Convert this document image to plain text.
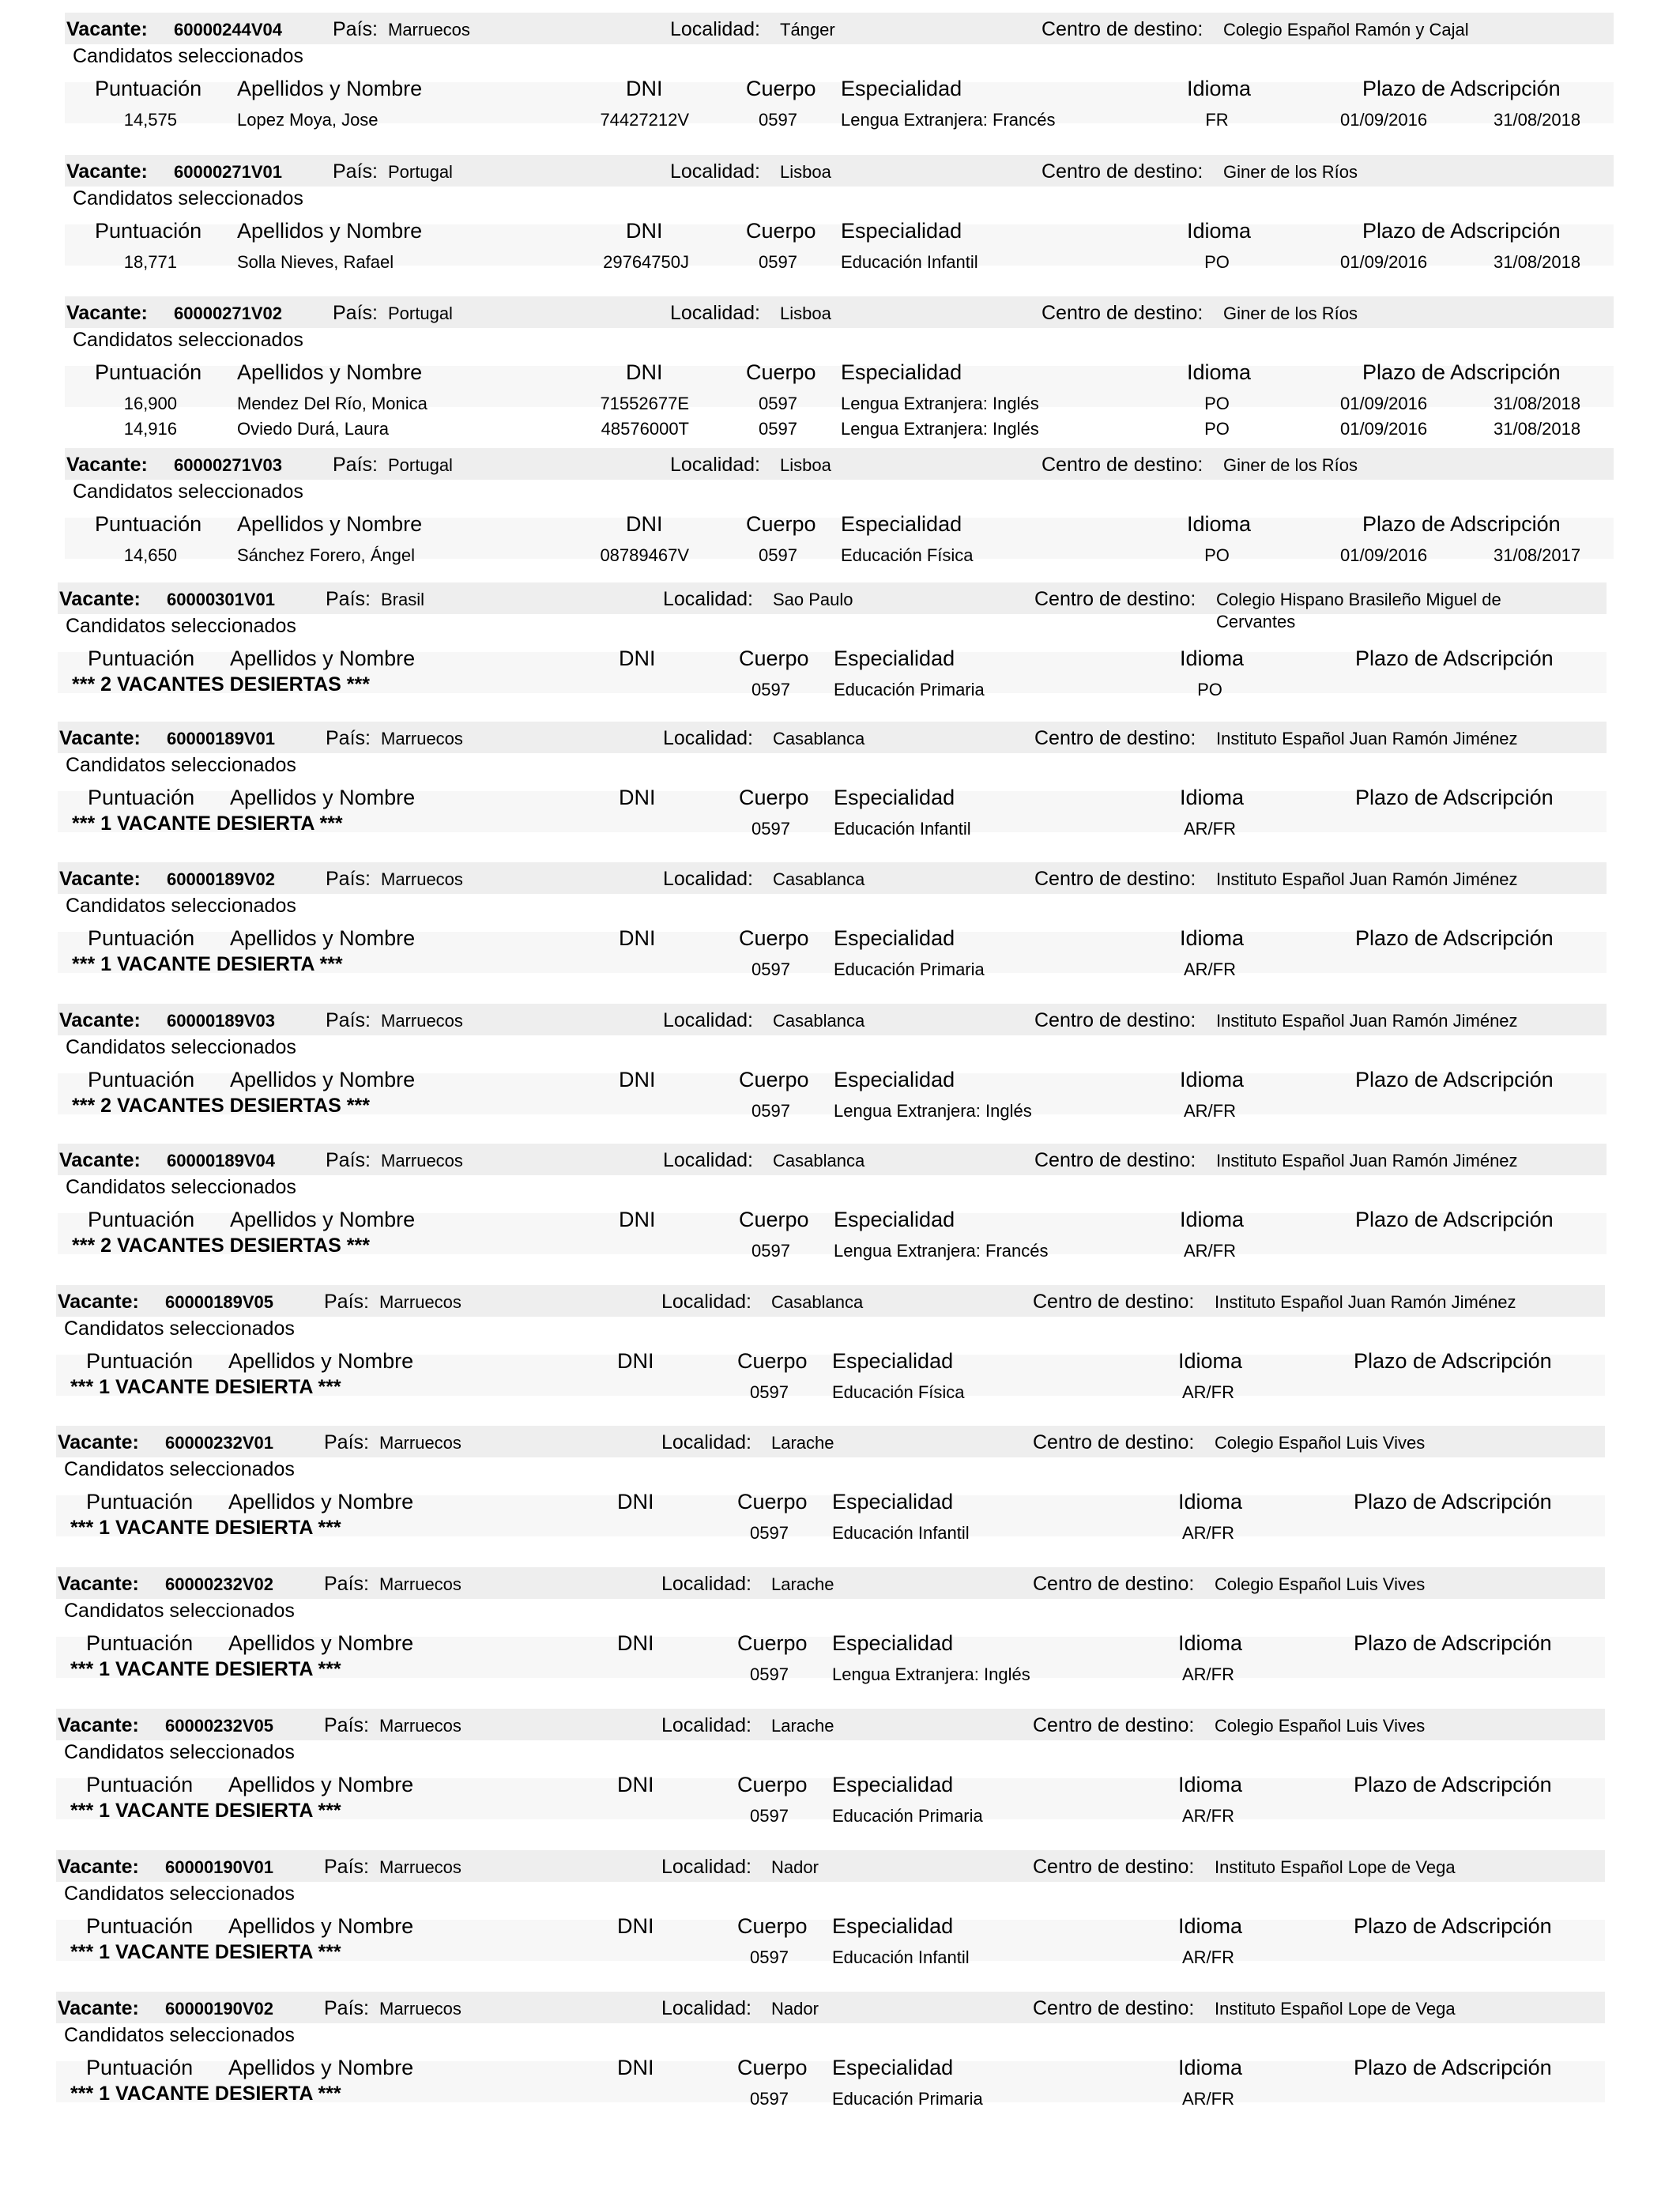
Vacante: 60000244V04	País: Marruecos	Localidad: Tánger	Centro de destino: Colegio Español Ramón y Cajal
Candidatos seleccionados
Puntuación Apellidos y Nombre	DNI	Cuerpo Especialidad	Idioma	Plazo de Adscripción
14,575	Lopez Moya, Jose	74427212V	0597	Lengua Extranjera: Francés	FR	01/09/2016	31/08/2018
Vacante: 60000271V01	País: Portugal	Localidad: Lisboa	Centro de destino: Giner de los Ríos
Candidatos seleccionados
Puntuación Apellidos y Nombre	DNI	Cuerpo Especialidad	Idioma	Plazo de Adscripción
18,771	Solla Nieves, Rafael	29764750J	0597	Educación Infantil	PO	01/09/2016	31/08/2018
Vacante: 60000271V02	País: Portugal	Localidad: Lisboa	Centro de destino: Giner de los Ríos
Candidatos seleccionados
Puntuación Apellidos y Nombre	DNI	Cuerpo Especialidad	Idioma	Plazo de Adscripción
16,900	Mendez Del Río, Monica	71552677E	0597	Lengua Extranjera: Inglés	PO	01/09/2016	31/08/2018
14,916	Oviedo Durá, Laura	48576000T	0597	Lengua Extranjera: Inglés	PO	01/09/2016	31/08/2018
Vacante: 60000271V03	País: Portugal	Localidad: Lisboa	Centro de destino: Giner de los Ríos
Candidatos seleccionados
Puntuación Apellidos y Nombre	DNI	Cuerpo Especialidad	Idioma	Plazo de Adscripción
14,650	Sánchez Forero, Ángel	08789467V	0597	Educación Física	PO	01/09/2016	31/08/2017
Vacante: 60000301V01	País: Brasil	Localidad: Sao Paulo	Centro de destino: Colegio Hispano Brasileño Miguel de Cervantes
Candidatos seleccionados
Puntuación Apellidos y Nombre	DNI	Cuerpo Especialidad	Idioma	Plazo de Adscripción
*** 2 VACANTES DESIERTAS ***	0597	Educación Primaria	PO
Vacante: 60000189V01	País: Marruecos	Localidad: Casablanca	Centro de destino: Instituto Español Juan Ramón Jiménez
Candidatos seleccionados
Puntuación Apellidos y Nombre	DNI	Cuerpo Especialidad	Idioma	Plazo de Adscripción
*** 1 VACANTE DESIERTA ***	0597	Educación Infantil	AR/FR
Vacante: 60000189V02	País: Marruecos	Localidad: Casablanca	Centro de destino: Instituto Español Juan Ramón Jiménez
Candidatos seleccionados
Puntuación Apellidos y Nombre	DNI	Cuerpo Especialidad	Idioma	Plazo de Adscripción
*** 1 VACANTE DESIERTA ***	0597	Educación Primaria	AR/FR
Vacante: 60000189V03	País: Marruecos	Localidad: Casablanca	Centro de destino: Instituto Español Juan Ramón Jiménez
Candidatos seleccionados
Puntuación Apellidos y Nombre	DNI	Cuerpo Especialidad	Idioma	Plazo de Adscripción
*** 2 VACANTES DESIERTAS ***	0597	Lengua Extranjera: Inglés	AR/FR
Vacante: 60000189V04	País: Marruecos	Localidad: Casablanca	Centro de destino: Instituto Español Juan Ramón Jiménez
Candidatos seleccionados
Puntuación Apellidos y Nombre	DNI	Cuerpo Especialidad	Idioma	Plazo de Adscripción
*** 2 VACANTES DESIERTAS ***	0597	Lengua Extranjera: Francés	AR/FR
Vacante: 60000189V05	País: Marruecos	Localidad: Casablanca	Centro de destino: Instituto Español Juan Ramón Jiménez
Candidatos seleccionados
Puntuación Apellidos y Nombre	DNI	Cuerpo Especialidad	Idioma	Plazo de Adscripción
*** 1 VACANTE DESIERTA ***	0597	Educación Física	AR/FR
Vacante: 60000232V01	País: Marruecos	Localidad: Larache	Centro de destino: Colegio Español Luis Vives
Candidatos seleccionados
Puntuación Apellidos y Nombre	DNI	Cuerpo Especialidad	Idioma	Plazo de Adscripción
*** 1 VACANTE DESIERTA ***	0597	Educación Infantil	AR/FR
Vacante: 60000232V02	País: Marruecos	Localidad: Larache	Centro de destino: Colegio Español Luis Vives
Candidatos seleccionados
Puntuación Apellidos y Nombre	DNI	Cuerpo Especialidad	Idioma	Plazo de Adscripción
*** 1 VACANTE DESIERTA ***	0597	Lengua Extranjera: Inglés	AR/FR
Vacante: 60000232V05	País: Marruecos	Localidad: Larache	Centro de destino: Colegio Español Luis Vives
Candidatos seleccionados
Puntuación Apellidos y Nombre	DNI	Cuerpo Especialidad	Idioma	Plazo de Adscripción
*** 1 VACANTE DESIERTA ***	0597	Educación Primaria	AR/FR
Vacante: 60000190V01	País: Marruecos	Localidad: Nador	Centro de destino: Instituto Español Lope de Vega
Candidatos seleccionados
Puntuación Apellidos y Nombre	DNI	Cuerpo Especialidad	Idioma	Plazo de Adscripción
*** 1 VACANTE DESIERTA ***	0597	Educación Infantil	AR/FR
Vacante: 60000190V02	País: Marruecos	Localidad: Nador	Centro de destino: Instituto Español Lope de Vega
Candidatos seleccionados
Puntuación Apellidos y Nombre	DNI	Cuerpo Especialidad	Idioma	Plazo de Adscripción
*** 1 VACANTE DESIERTA ***	0597	Educación Primaria	AR/FR
